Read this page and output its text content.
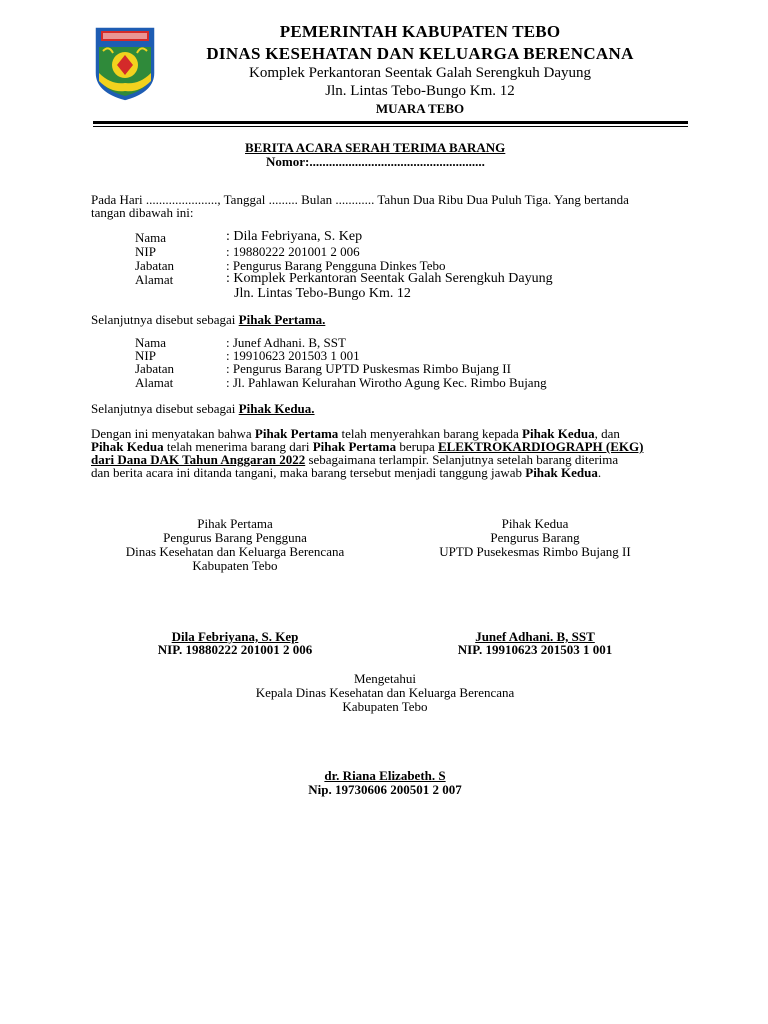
PEMERINTAH KABUPATEN TEBO
DINAS KESEHATAN DAN KELUARGA BERENCANA
Komplek Perkantoran Seentak Galah Serengkuh Dayung
Jln. Lintas Tebo-Bungo Km. 12
MUARA TEBO
BERITA ACARA SERAH TERIMA BARANG
Nomor:......................................................
Pada Hari ......................, Tanggal ......... Bulan ............ Tahun Dua Ribu Dua Puluh Tiga. Yang bertanda
tangan dibawah ini:
Nama	: Dila Febriyana, S. Kep
NIP	: 19880222 201001 2 006
Jabatan	: Pengurus Barang Pengguna Dinkes Tebo
Alamat	: Komplek Perkantoran Seentak Galah Serengkuh Dayung
Jln. Lintas Tebo-Bungo Km. 12
Selanjutnya disebut sebagai Pihak Pertama.
Nama	: Junef Adhani. B, SST
NIP	: 19910623 201503 1 001
Jabatan	: Pengurus Barang UPTD Puskesmas Rimbo Bujang II
Alamat	: Jl. Pahlawan Kelurahan Wirotho Agung Kec. Rimbo Bujang
Selanjutnya disebut sebagai Pihak Kedua.
Dengan ini menyatakan bahwa Pihak Pertama telah menyerahkan barang kepada Pihak Kedua, dan
Pihak Kedua telah menerima barang dari Pihak Pertama berupa ELEKTROKARDIOGRAPH (EKG)
dari Dana DAK Tahun Anggaran 2022 sebagaimana terlampir. Selanjutnya setelah barang diterima
dan berita acara ini ditanda tangani, maka barang tersebut menjadi tanggung jawab Pihak Kedua.
Pihak Pertama
Pengurus Barang Pengguna
Dinas Kesehatan dan Keluarga Berencana
Kabupaten Tebo
Dila Febriyana, S. Kep
NIP. 19880222 201001 2 006
Pihak Kedua
Pengurus Barang
UPTD Pusekesmas Rimbo Bujang II
Junef Adhani. B, SST
NIP. 19910623 201503 1 001
Mengetahui
Kepala Dinas Kesehatan dan Keluarga Berencana
Kabupaten Tebo
dr. Riana Elizabeth. S
Nip. 19730606 200501 2 007
